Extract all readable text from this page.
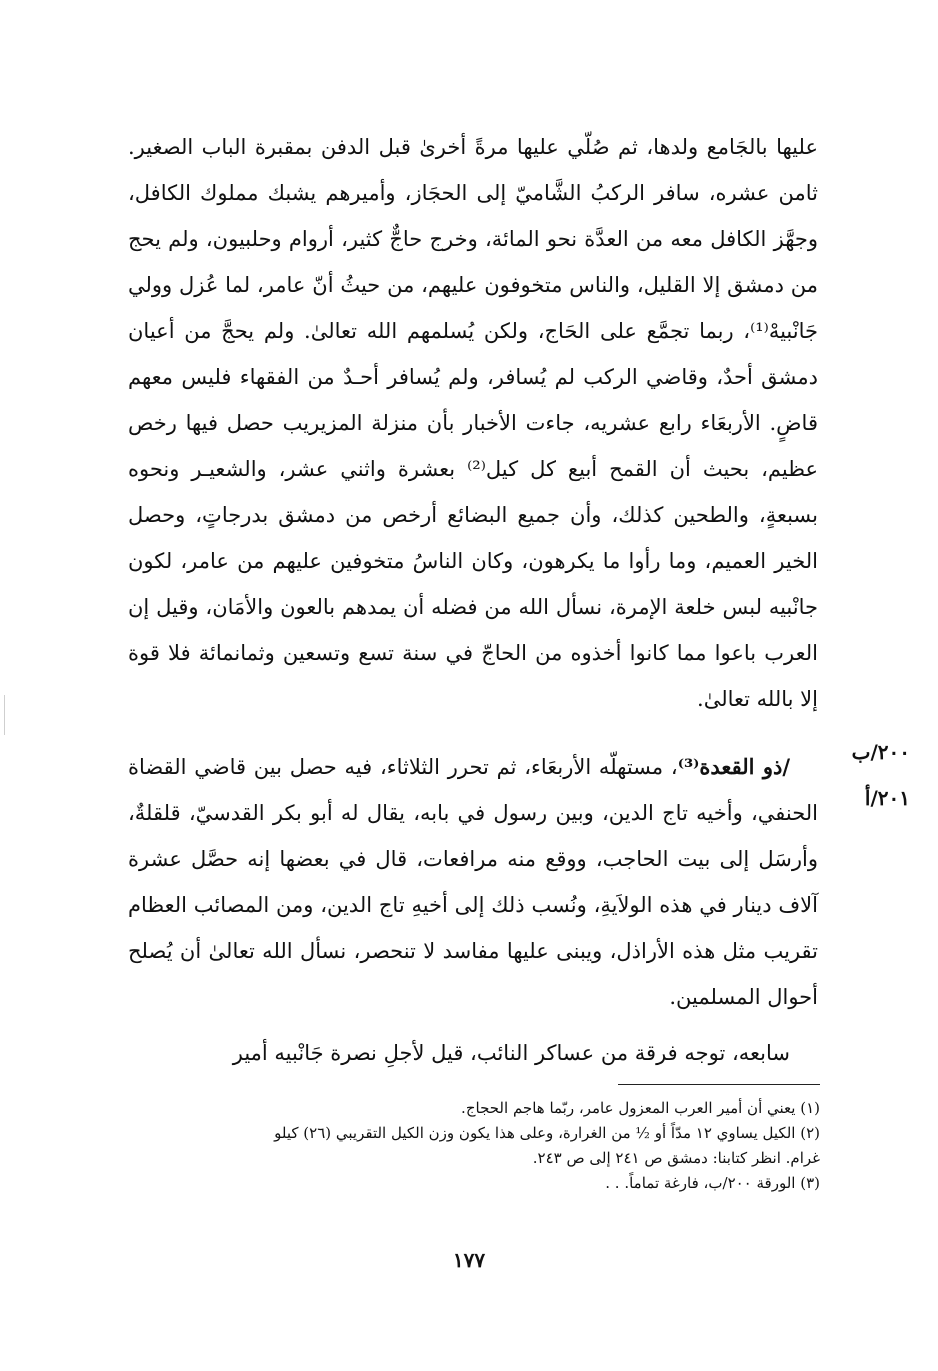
عليها بالجَامع ولدها، ثم صُلّي عليها مرةً أخرىٰ قبل الدفن بمقبرة الباب الصغير. ثامن عشره، سافر الركبُ الشَّاميّ إلى الحجَاز، وأميرهم يشبك مملوك الكافل، وجهَّز الكافل معه من العدَّة نحو المائة، وخرج حاجٌّ كثير، أروام وحلبيون، ولم يحج من دمشق إلا القليل، والناس متخوفون عليهم، من حيثُ أنّ عامر، لما عُزل وولي جَانْبيهْ⁽¹⁾، ربما تجمَّع على الحَاج، ولكن يُسلمهم الله تعالىٰ. ولم يحجَّ من أعيان دمشق أحدٌ، وقاضي الركب لم يُسافر، ولم يُسافر أحـدٌ من الفقهاء فليس معهم قاضٍ. الأربعَاء رابع عشريه، جاءت الأخبار بأن منزلة المزيريب حصل فيها رخص عظيم، بحيث أن القمح أبيع كل كيل⁽²⁾ بعشرة واثني عشر، والشعيـر ونحوه بسبعةٍ، والطحين كذلك، وأن جميع البضائع أرخص من دمشق بدرجاتٍ، وحصل الخير العميم، وما رأوا ما يكرهون، وكان الناسُ متخوفين عليهم من عامر، لكون جانْبيه لبس خلعة الإمرة، نسأل الله من فضله أن يمدهم بالعون والأمَان، وقيل إن العرب باعوا مما كانوا أخذوه من الحاجّ في سنة تسع وتسعين وثمانمائة فلا قوة إلا بالله تعالىٰ.

/ذو القعدة⁽³⁾، مستهلّه الأربعَاء، ثم تحرر الثلاثاء، فيه حصل بين قاضي القضاة الحنفي، وأخيه تاج الدين، وبين رسول في بابه، يقال له أبو بكر القدسيّ، قلقلةٌ، وأرسَل إلى بيت الحاجب، ووقع منه مرافعات، قال في بعضها إنه حصَّل عشرة آلاف دينار في هذه الولاَيةِ، ونُسب ذلك إلى أخيهِ تاج الدين، ومن المصائب العظام تقريب مثل هذه الأراذل، ويبنى عليها مفاسد لا تنحصر، نسأل الله تعالىٰ أن يُصلح أحوال المسلمين.

سابعه، توجه فرقة من عساكر النائب، قيل لأجلِ نصرة جَانْبيه أمير

٢٠٠/ب
٢٠١/أ

(١) يعني أن أمير العرب المعزول عامر، ربّما هاجم الحجاج.

(٢) الكيل يساوي ١٢ مدّاً أو ½ من الغرارة، وعلى هذا يكون وزن الكيل التقريبي (٢٦) كيلو

غرام. انظر كتابنا: دمشق ص ٢٤١ إلى ص ٢٤٣.

(٣) الورقة ٢٠٠/ب، فارغة تماماً. . .

١٧٧
